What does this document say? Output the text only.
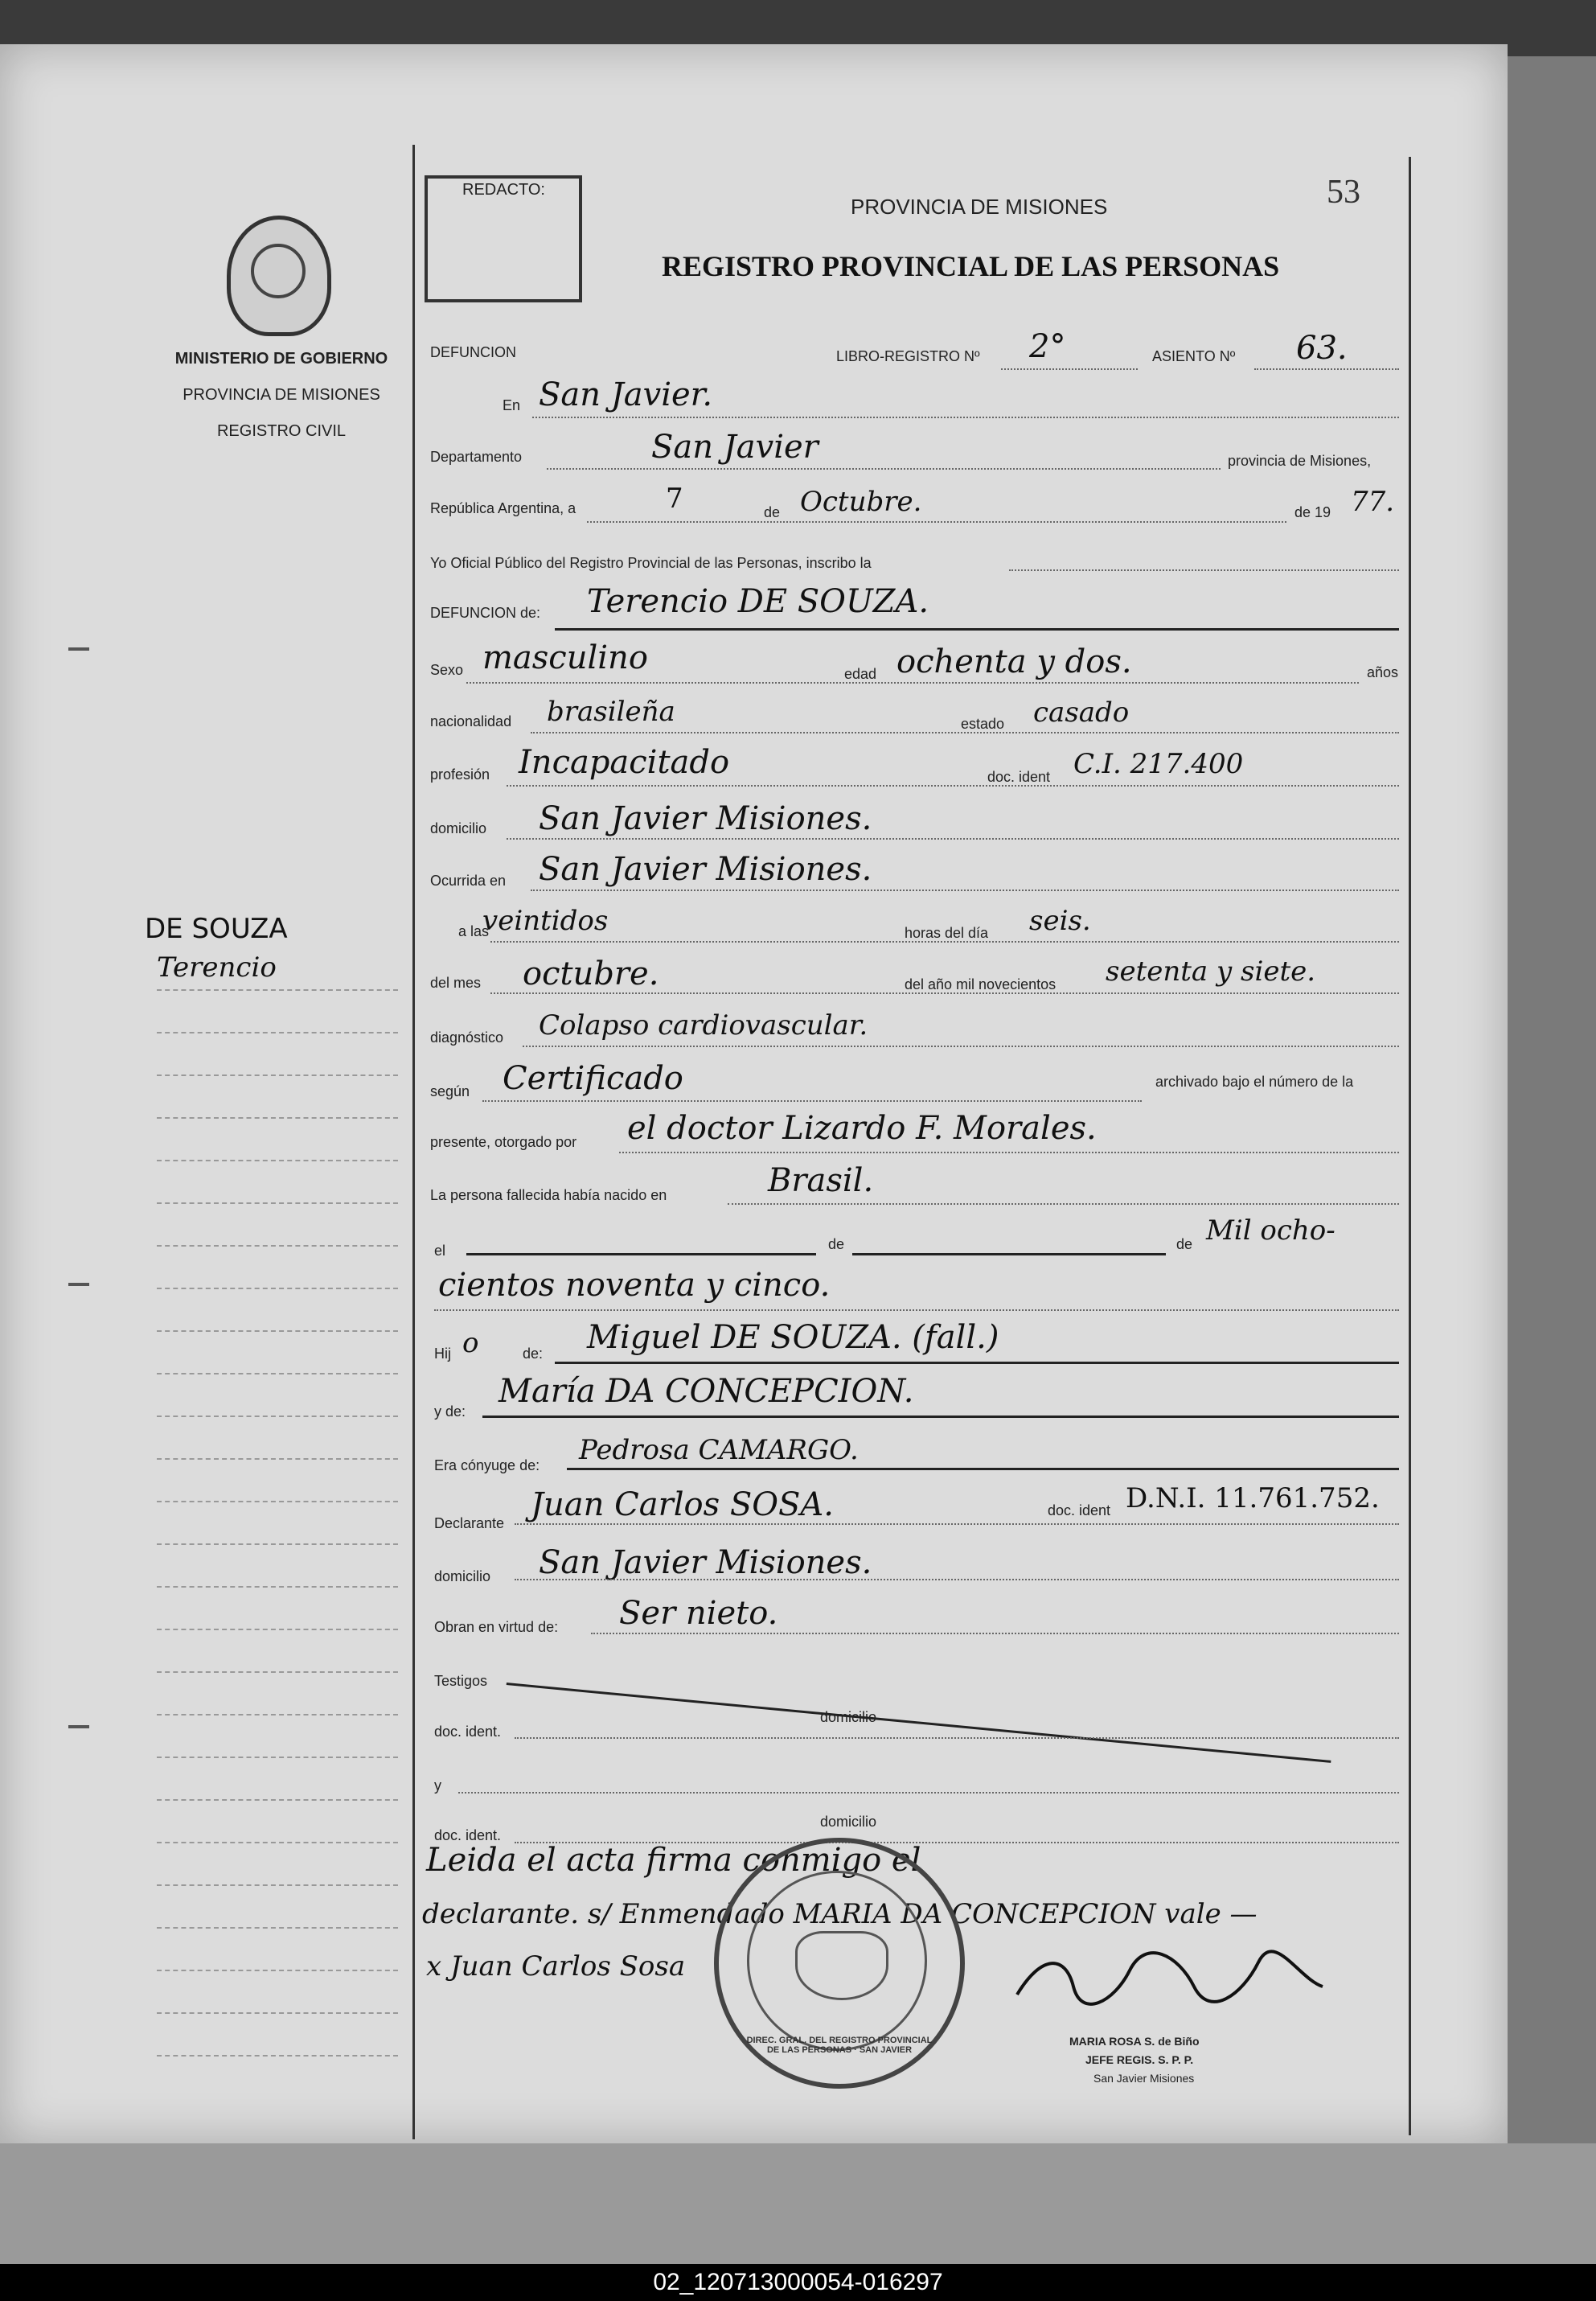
MINISTERIO DE GOBIERNO
PROVINCIA DE MISIONES
REGISTRO CIVIL
DE SOUZA
Terencio
REDACTO:
PROVINCIA DE MISIONES
REGISTRO PROVINCIAL DE LAS PERSONAS
53
DEFUNCION	LIBRO-REGISTRO Nº 2°	ASIENTO Nº 63.
En San Javier.
Departamento	San Javier	provincia de Misiones,
República Argentina, a	7	de Octubre.	de 19 77.
Yo Oficial Público del Registro Provincial de las Personas, inscribo la
DEFUNCION de: Terencio DE SOUZA.
Sexo masculino	edad ochenta y dos.	años
nacionalidad brasileña	estado casado
profesión Incapacitado	doc. ident C.I. 217.400
domicilio San Javier Misiones.
Ocurrida en San Javier Misiones.
a las
veintidos	horas del día seis.
del mes octubre.	del año mil novecientos setenta y siete.
diagnóstico Colapso cardiovascular.
según Certificado	archivado bajo el número de la
presente, otorgado por el doctor Lizardo F. Morales.
La persona fallecida había nacido en	Brasil.
el	de	de Mil ocho-
cientos noventa y cinco.
Hij o	de: Miguel DE SOUZA. (fall.)
y de:
María DA CONCEPCION.
Era cónyuge de: Pedrosa CAMARGO.
Declarante Juan Carlos SOSA.	doc. ident D.N.I. 11.761.752.
domicilio San Javier Misiones.
Obran en virtud de: Ser nieto.
Testigos
domicilio
doc. ident.
y
domicilio
doc. ident.
Leida el acta firma conmigo el
declarante. s/ Enmendado MARIA DA CONCEPCION vale —
x Juan Carlos Sosa
DIREC. GRAL. DEL REGISTRO PROVINCIAL DE LAS PERSONAS · SAN JAVIER
MARIA ROSA S. de Biño
JEFE REGIS. S. P. P.
San Javier Misiones
02_120713000054-016297
